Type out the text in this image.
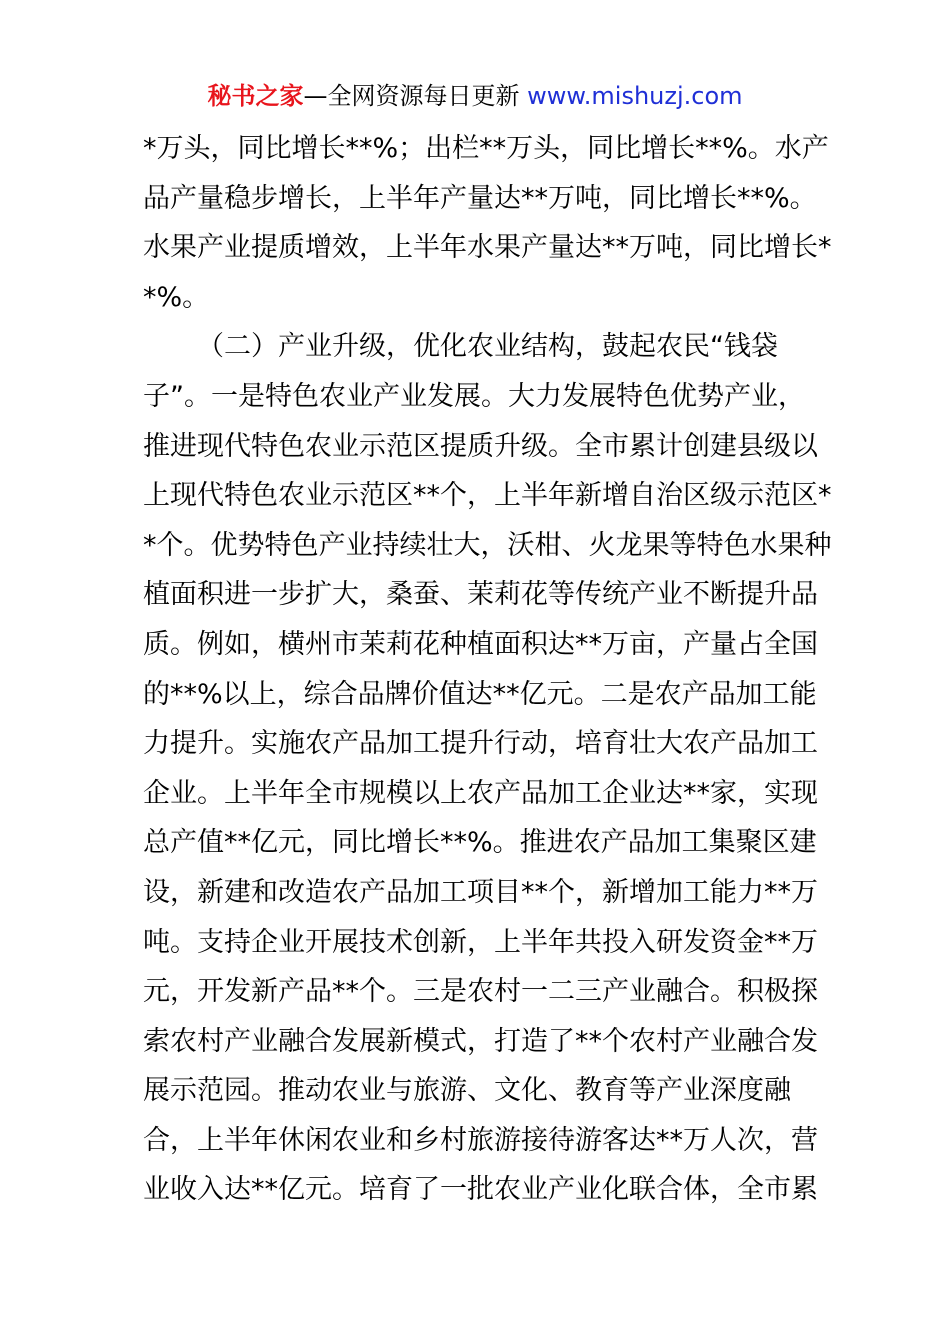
秘书之家—全网资源每日更新 www.mishuzj.com
*万头，同比增长**%；出栏**万头，同比增长**%。水产
品产量稳步增长，上半年产量达**万吨，同比增长**%。
水果产业提质增效，上半年水果产量达**万吨，同比增长*
*%。
（二）产业升级，优化农业结构，鼓起农民“钱袋
子”。一是特色农业产业发展。大力发展特色优势产业，
推进现代特色农业示范区提质升级。全市累计创建县级以
上现代特色农业示范区**个，上半年新增自治区级示范区*
*个。优势特色产业持续壮大，沃柑、火龙果等特色水果种
植面积进一步扩大，桑蚕、茉莉花等传统产业不断提升品
质。例如，横州市茉莉花种植面积达**万亩，产量占全国
的**%以上，综合品牌价值达**亿元。二是农产品加工能
力提升。实施农产品加工提升行动，培育壮大农产品加工
企业。上半年全市规模以上农产品加工企业达**家，实现
总产值**亿元，同比增长**%。推进农产品加工集聚区建
设，新建和改造农产品加工项目**个，新增加工能力**万
吨。支持企业开展技术创新，上半年共投入研发资金**万
元，开发新产品**个。三是农村一二三产业融合。积极探
索农村产业融合发展新模式，打造了**个农村产业融合发
展示范园。推动农业与旅游、文化、教育等产业深度融
合，上半年休闲农业和乡村旅游接待游客达**万人次，营
业收入达**亿元。培育了一批农业产业化联合体，全市累
